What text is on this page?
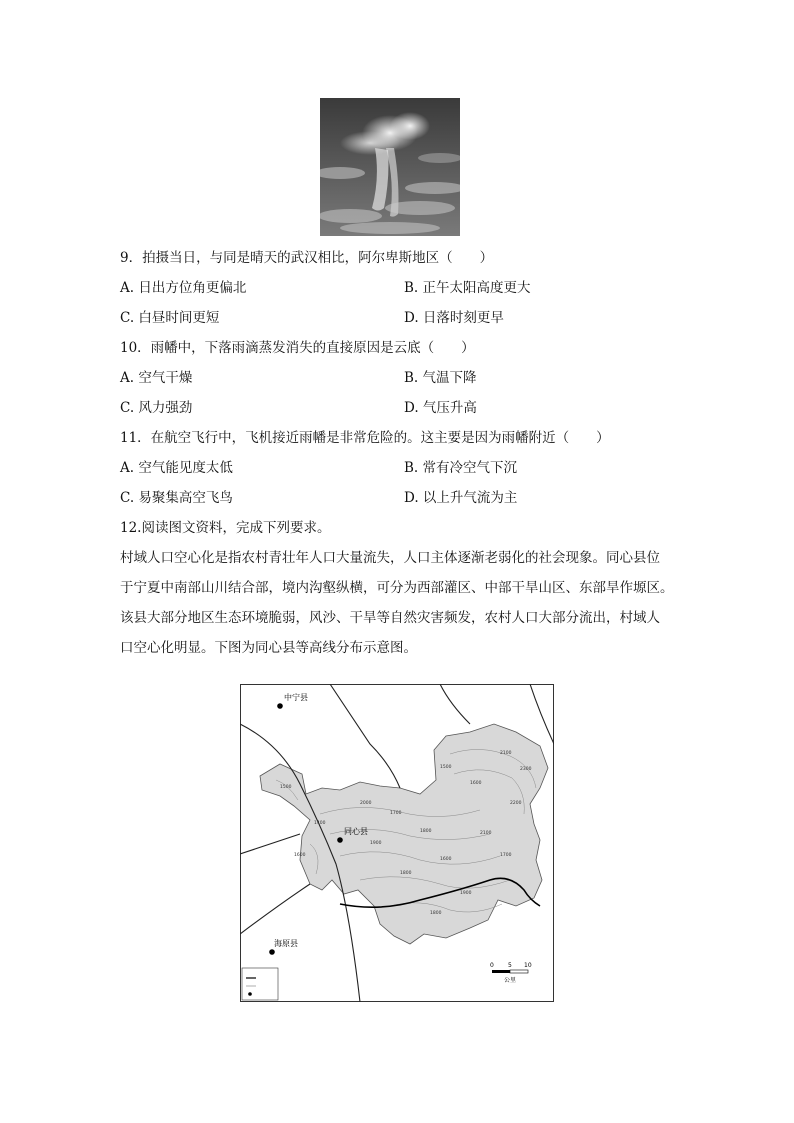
9．拍摄当日，与同是晴天的武汉相比，阿尔卑斯地区（　　）
A. 日出方位角更偏北	B. 正午太阳高度更大
C. 白昼时间更短	D. 日落时刻更早
10．雨幡中，下落雨滴蒸发消失的直接原因是云底（　　）
A. 空气干燥	B. 气温下降
C. 风力强劲	D. 气压升高
11．在航空飞行中，飞机接近雨幡是非常危险的。这主要是因为雨幡附近（　　）
A. 空气能见度太低	B. 常有冷空气下沉
C. 易聚集高空飞鸟	D. 以上升气流为主
12.阅读图文资料，完成下列要求。
村域人口空心化是指农村青壮年人口大量流失，人口主体逐渐老弱化的社会现象。同心县位
于宁夏中南部山川结合部，境内沟壑纵横，可分为西部灌区、中部干旱山区、东部旱作塬区。
该县大部分地区生态环境脆弱，风沙、干旱等自然灾害频发，农村人口大部分流出，村域人
口空心化明显。下图为同心县等高线分布示意图。
1500
1600
1700
1800
1900
2000
2100
2200
2300
1700
1600
1800
1500
1400
1900
1600
1800
2100
中宁县
同心县
海原县
0 5 10
公里
